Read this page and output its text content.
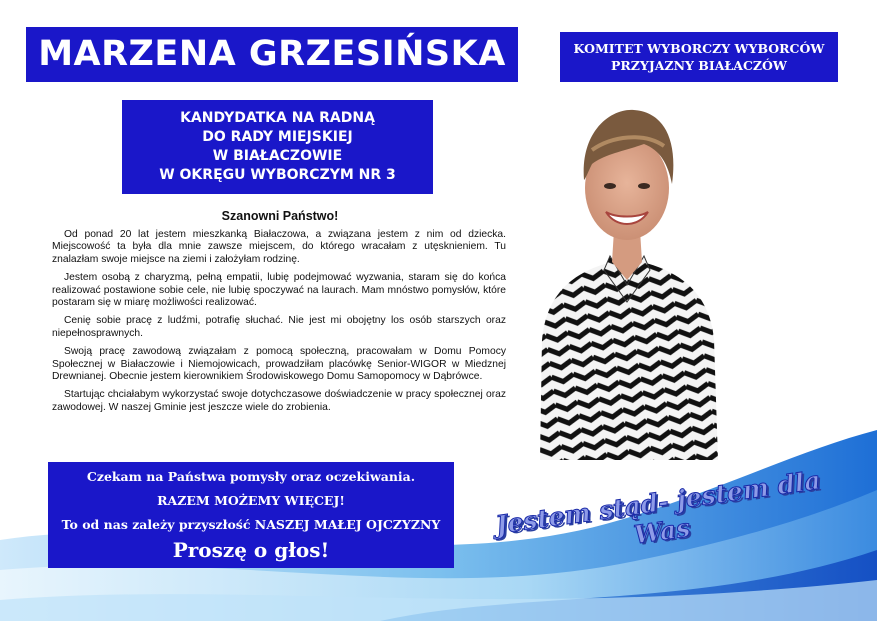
MARZENA GRZESIŃSKA	KOMITET WYBORCZY WYBORCÓW
PRZYJAZNY BIAŁACZÓW
KANDYDATKA NA RADNĄ
DO RADY MIEJSKIEJ
W BIAŁACZOWIE
W OKRĘGU WYBORCZYM NR 3
Szanowni Państwo!

Od ponad 20 lat jestem mieszkanką Białaczowa, a związana jestem z nim od dziecka. Miejscowość ta była dla mnie zawsze miejscem, do którego wracałam z utęsknieniem. Tu znalazłam swoje miejsce na ziemi i założyłam rodzinę.

Jestem osobą z charyzmą, pełną empatii, lubię podejmować wyzwania, staram się do końca realizować postawione sobie cele, nie lubię spoczywać na laurach. Mam mnóstwo pomysłów, które postaram się w miarę możliwości realizować.

Cenię sobie pracę z ludźmi, potrafię słuchać. Nie jest mi obojętny los osób starszych oraz niepełnosprawnych.

Swoją pracę zawodową związałam z pomocą społeczną, pracowałam w Domu Pomocy Społecznej w Białaczowie i Niemojowicach, prowadziłam placówkę Senior-WIGOR w Miedznej Drewnianej. Obecnie jestem kierownikiem Środowiskowego Domu Samopomocy w Dąbrówce.

Startując chciałabym wykorzystać swoje dotychczasowe doświadczenie w pracy społecznej oraz zawodowej. W naszej Gminie jest jeszcze wiele do zrobienia.

Czekam na Państwa pomysły oraz oczekiwania.
RAZEM MOŻEMY WIĘCEJ!
To od nas zależy przyszłość NASZEJ MAŁEJ OJCZYZNY
Proszę o głos!
Jestem stąd- jestem dla Was
